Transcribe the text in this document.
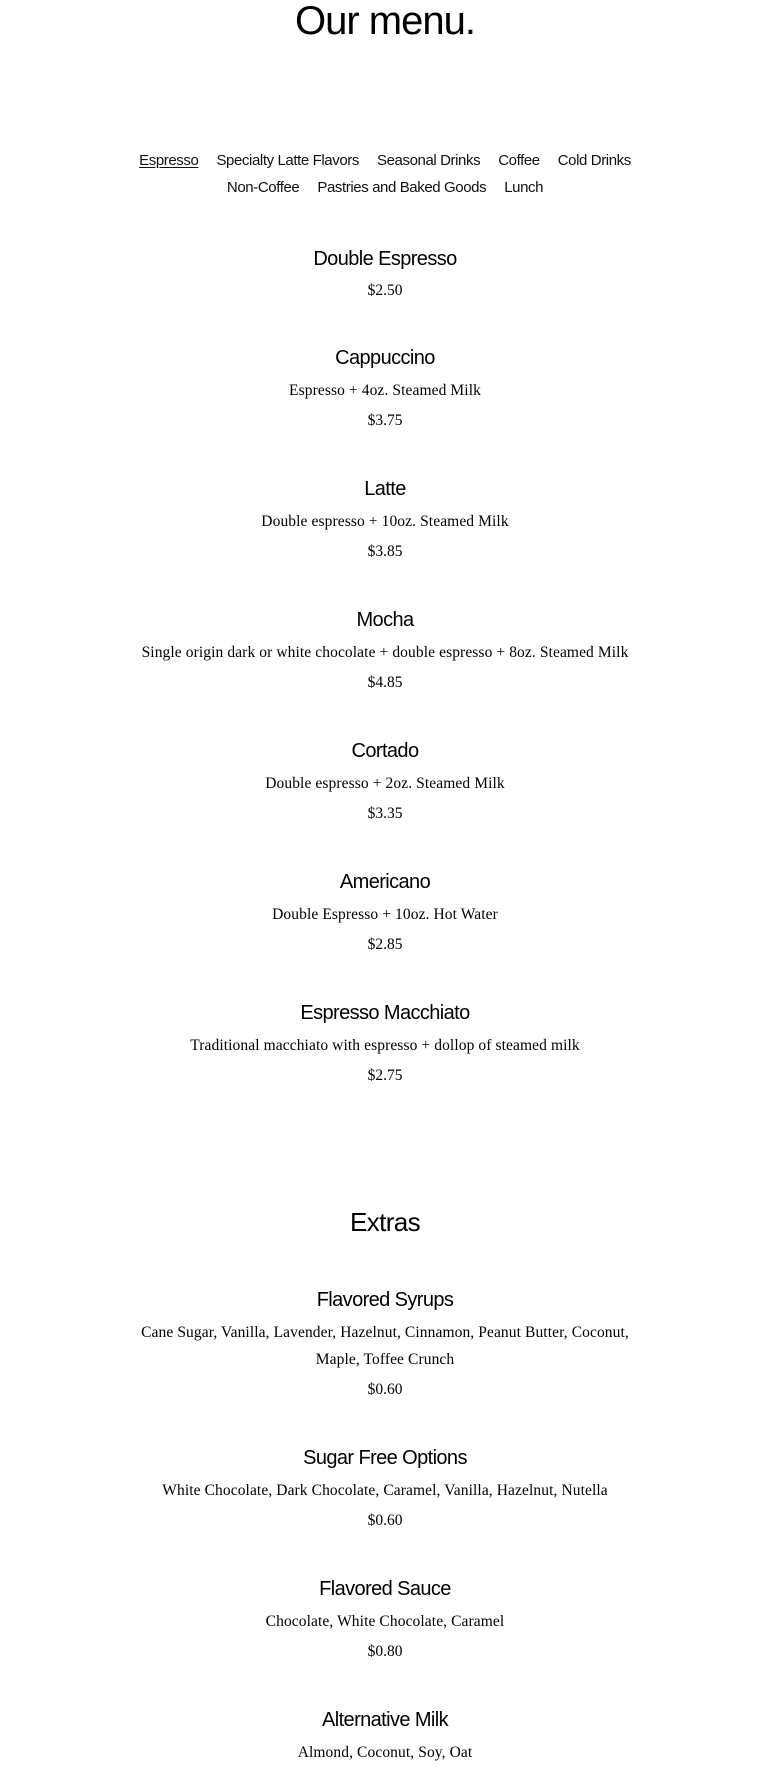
Our menu.
Espresso	Specialty Latte Flavors	Seasonal Drinks	Coffee	Cold Drinks
Non-Coffee	Pastries and Baked Goods	Lunch
Double Espresso

$2.50

Cappuccino

Espresso + 4oz. Steamed Milk

$3.75

Latte

Double espresso + 10oz. Steamed Milk

$3.85

Mocha

Single origin dark or white chocolate + double espresso + 8oz. Steamed Milk

$4.85

Cortado

Double espresso + 2oz. Steamed Milk

$3.35

Americano

Double Espresso + 10oz. Hot Water

$2.85

Espresso Macchiato

Traditional macchiato with espresso + dollop of steamed milk

$2.75

Extras
Flavored Syrups

Cane Sugar, Vanilla, Lavender, Hazelnut, Cinnamon, Peanut Butter, Coconut,
Maple, Toffee Crunch

$0.60

Sugar Free Options

White Chocolate, Dark Chocolate, Caramel, Vanilla, Hazelnut, Nutella

$0.60

Flavored Sauce

Chocolate, White Chocolate, Caramel

$0.80

Alternative Milk

Almond, Coconut, Soy, Oat
